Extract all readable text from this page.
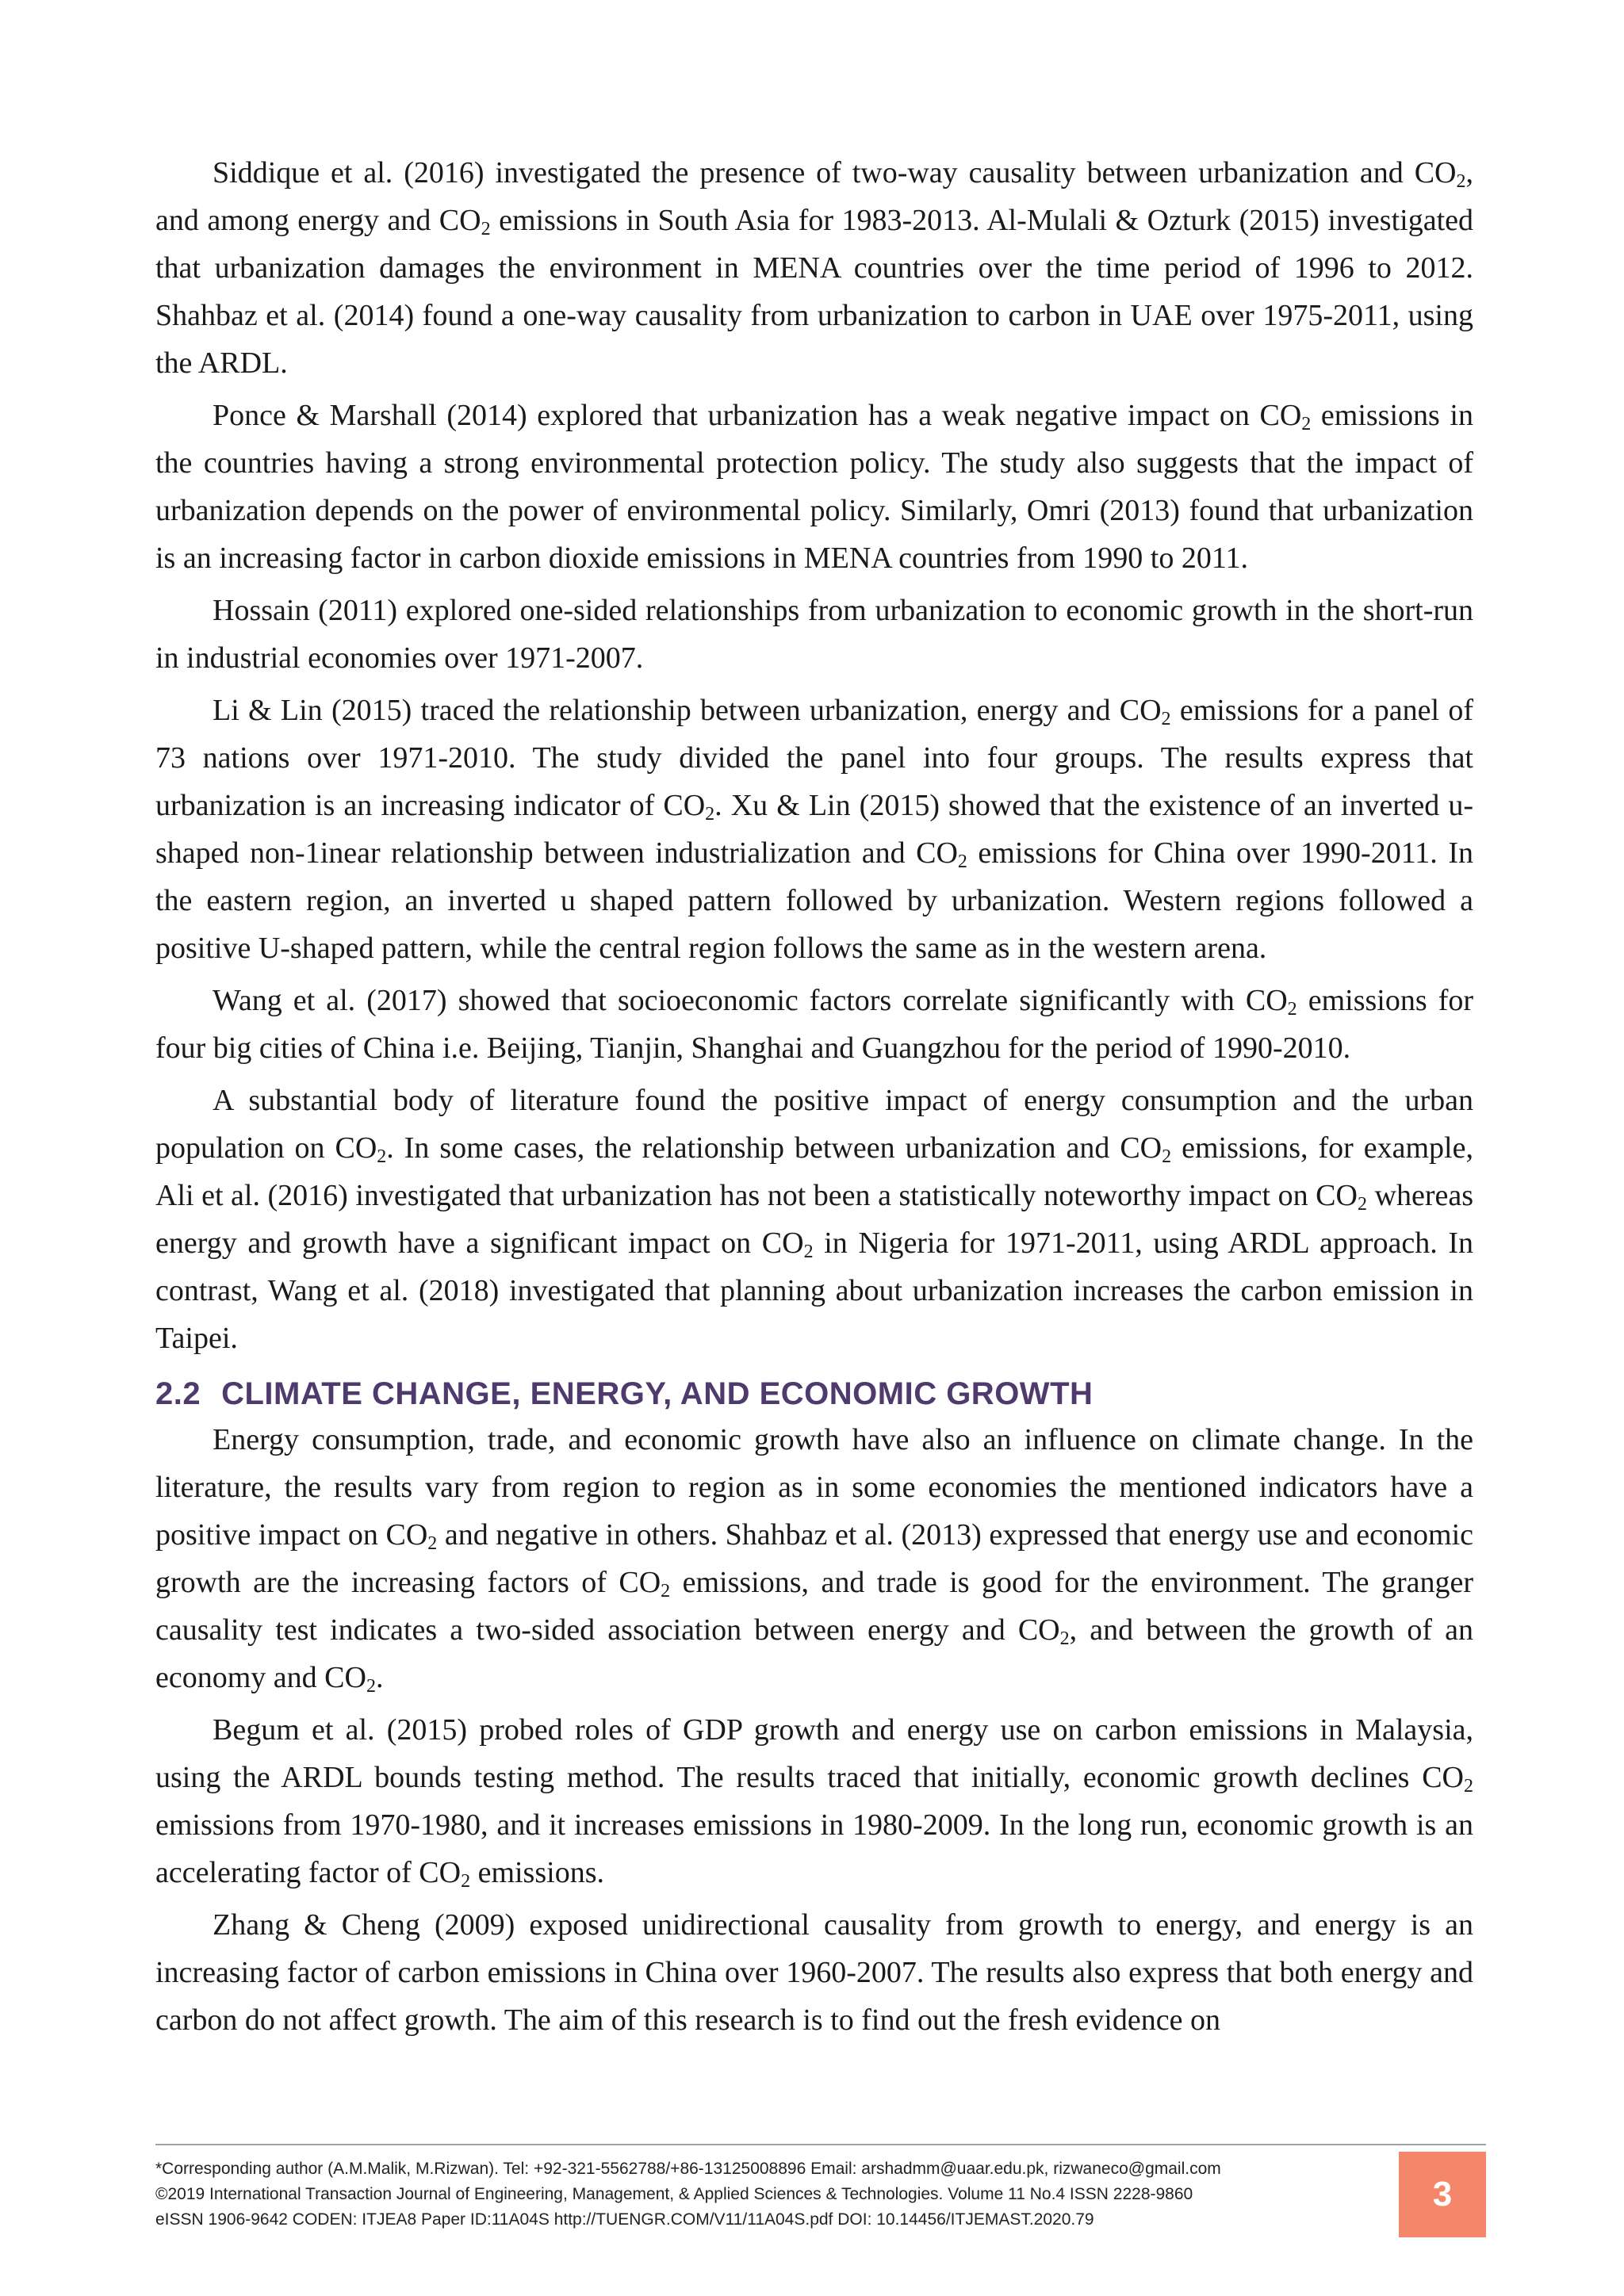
Siddique et al. (2016) investigated the presence of two-way causality between urbanization and $CO_2$, and among energy and $CO_2$ emissions in South Asia for 1983-2013. Al-Mulali & Ozturk (2015) investigated that urbanization damages the environment in MENA countries over the time period of 1996 to 2012. Shahbaz et al. (2014) found a one-way causality from urbanization to carbon in UAE over 1975-2011, using the ARDL.

Ponce & Marshall (2014) explored that urbanization has a weak negative impact on $CO_2$ emissions in the countries having a strong environmental protection policy. The study also suggests that the impact of urbanization depends on the power of environmental policy. Similarly, Omri (2013) found that urbanization is an increasing factor in carbon dioxide emissions in MENA countries from 1990 to 2011.

Hossain (2011) explored one-sided relationships from urbanization to economic growth in the short-run in industrial economies over 1971-2007.

Li & Lin (2015) traced the relationship between urbanization, energy and $CO_2$ emissions for a panel of 73 nations over 1971-2010. The study divided the panel into four groups. The results express that urbanization is an increasing indicator of $CO_2$. Xu & Lin (2015) showed that the existence of an inverted u-shaped non-1inear relationship between industrialization and $CO_2$ emissions for China over 1990-2011. In the eastern region, an inverted u shaped pattern followed by urbanization. Western regions followed a positive U-shaped pattern, while the central region follows the same as in the western arena.

Wang et al. (2017) showed that socioeconomic factors correlate significantly with $CO_2$ emissions for four big cities of China i.e. Beijing, Tianjin, Shanghai and Guangzhou for the period of 1990-2010.

A substantial body of literature found the positive impact of energy consumption and the urban population on $CO_2$. In some cases, the relationship between urbanization and $CO_2$ emissions, for example, Ali et al. (2016) investigated that urbanization has not been a statistically noteworthy impact on $CO_2$ whereas energy and growth have a significant impact on $CO_2$ in Nigeria for 1971-2011, using ARDL approach. In contrast, Wang et al. (2018) investigated that planning about urbanization increases the carbon emission in Taipei.

2.2 CLIMATE CHANGE, ENERGY, AND ECONOMIC GROWTH

Energy consumption, trade, and economic growth have also an influence on climate change. In the literature, the results vary from region to region as in some economies the mentioned indicators have a positive impact on $CO_2$ and negative in others. Shahbaz et al. (2013) expressed that energy use and economic growth are the increasing factors of $CO_2$ emissions, and trade is good for the environment. The granger causality test indicates a two-sided association between energy and $CO_2$, and between the growth of an economy and $CO_2$.

Begum et al. (2015) probed roles of GDP growth and energy use on carbon emissions in Malaysia, using the ARDL bounds testing method. The results traced that initially, economic growth declines $CO_2$ emissions from 1970-1980, and it increases emissions in 1980-2009. In the long run, economic growth is an accelerating factor of $CO_2$ emissions.

Zhang & Cheng (2009) exposed unidirectional causality from growth to energy, and energy is an increasing factor of carbon emissions in China over 1960-2007. The results also express that both energy and carbon do not affect growth. The aim of this research is to find out the fresh evidence on

*Corresponding author (A.M.Malik, M.Rizwan). Tel: +92-321-5562788/+86-13125008896 Email: arshadmm@uaar.edu.pk, rizwaneco@gmail.com
©2019 International Transaction Journal of Engineering, Management, & Applied Sciences & Technologies. Volume 11 No.4 ISSN 2228-9860
eISSN 1906-9642 CODEN: ITJEA8 Paper ID:11A04S http://TUENGR.COM/V11/11A04S.pdf DOI: 10.14456/ITJEMAST.2020.79
3
